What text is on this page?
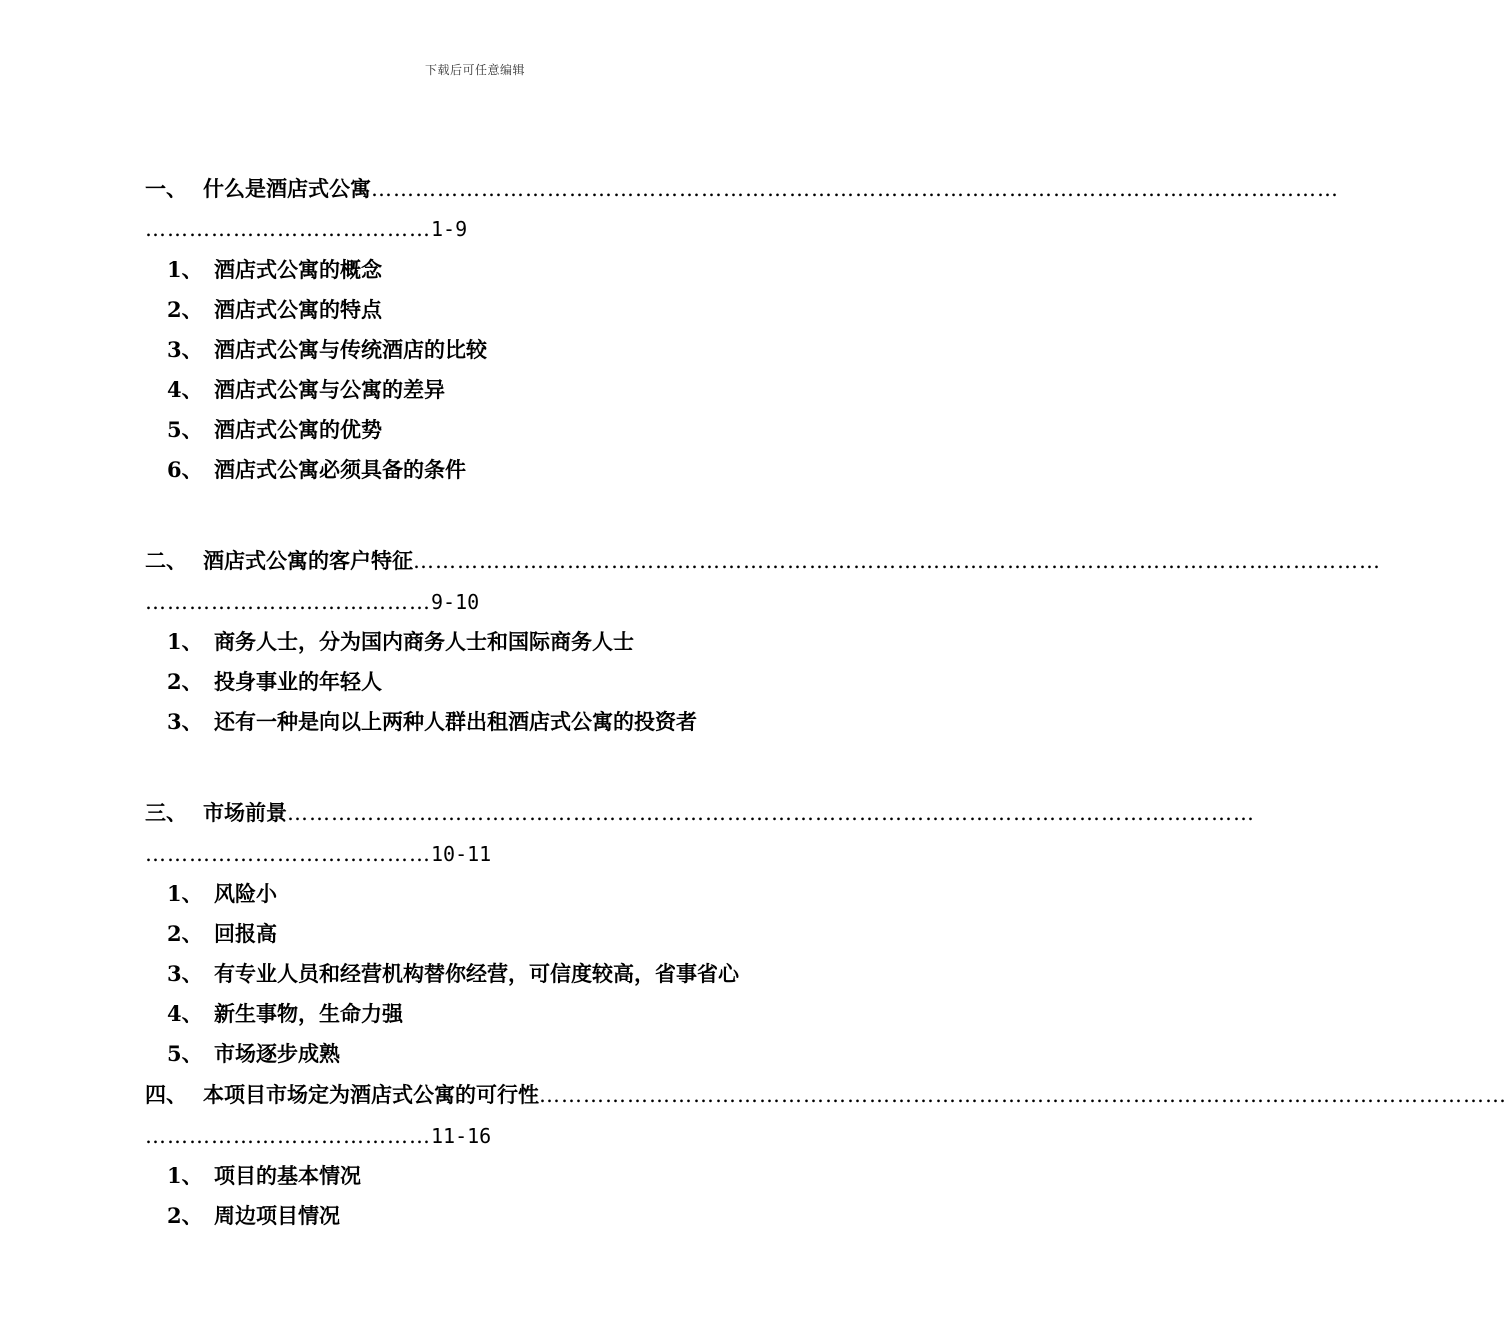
下载后可任意编辑
一、 什么是酒店式公寓 ……………………………………………………………………………………………………………………
………………………………… 1-9
1、 酒店式公寓的概念
2、 酒店式公寓的特点
3、 酒店式公寓与传统酒店的比较
4、 酒店式公寓与公寓的差异
5、 酒店式公寓的优势
6、 酒店式公寓必须具备的条件
二、 酒店式公寓的客户特征 ……………………………………………………………………………………………………………………
………………………………… 9-10
1、 商务人士，分为国内商务人士和国际商务人士
2、 投身事业的年轻人
3、 还有一种是向以上两种人群出租酒店式公寓的投资者
三、 市场前景 ……………………………………………………………………………………………………………………
………………………………… 10-11
1、 风险小
2、 回报高
3、 有专业人员和经营机构替你经营，可信度较高，省事省心
4、 新生事物，生命力强
5、 市场逐步成熟
四、 本项目市场定为酒店式公寓的可行性 ……………………………………………………………………………………………………………………
………………………………… 11-16
1、 项目的基本情况
2、 周边项目情况
